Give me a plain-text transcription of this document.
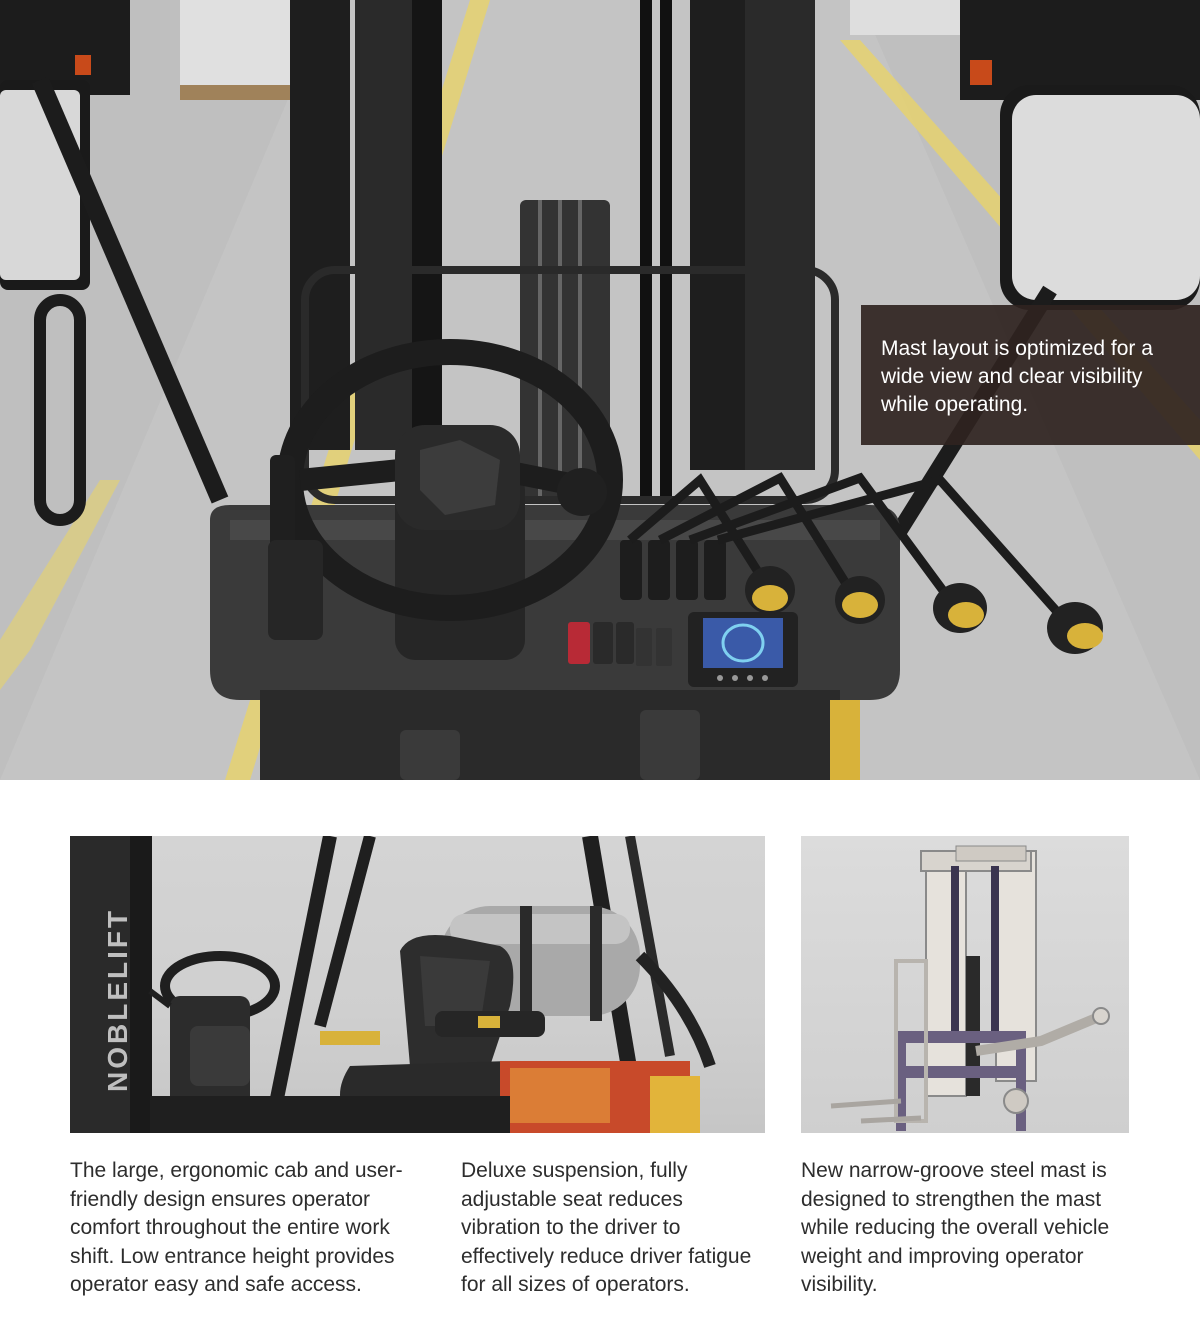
Mast layout is optimized for a wide view and clear visibility while operating.

NOBLELIFT

The large, ergonomic cab and user-friendly design ensures operator comfort throughout the entire work shift. Low entrance height provides operator easy and safe access.

Deluxe suspension, fully adjustable seat reduces vibration to the driver to effectively reduce driver fatigue for all sizes of operators.

New narrow-groove steel mast is designed to strengthen the mast while reducing the overall vehicle weight and improving operator visibility.
